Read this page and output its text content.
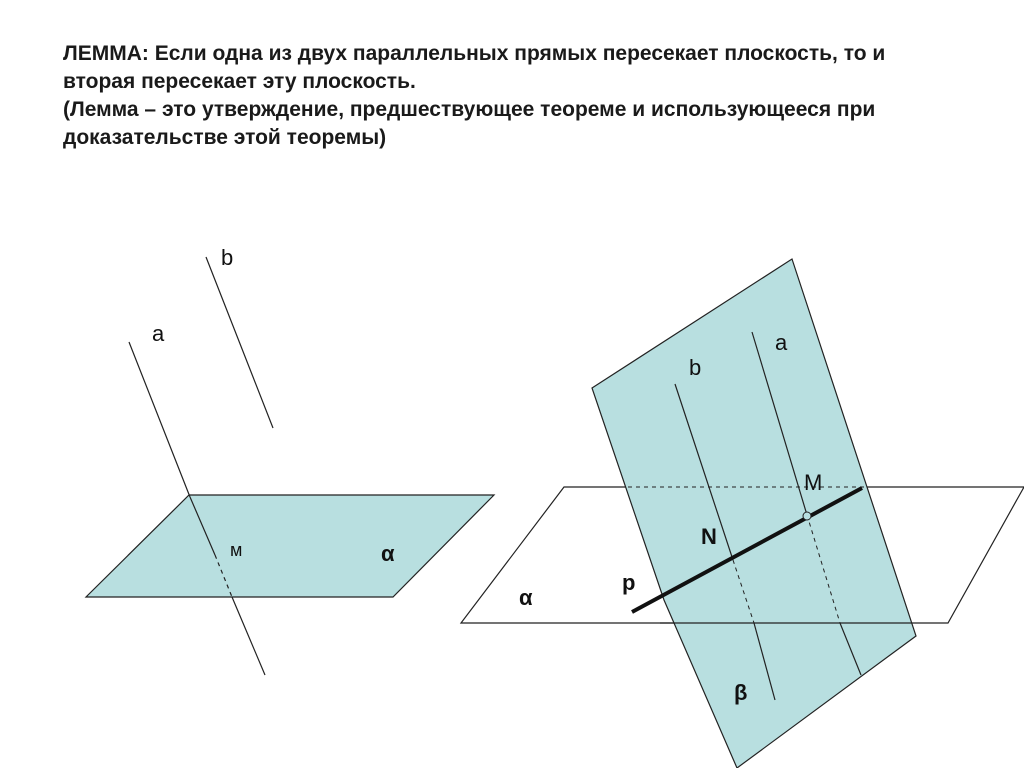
ЛЕММА: Если одна из двух параллельных прямых пересекает плоскость, то и
вторая пересекает эту плоскость.
(Лемма – это утверждение, предшествующее теореме и использующееся при
доказательстве этой теоремы)
b
a
м	α
b
a
M
N
p
α
β
